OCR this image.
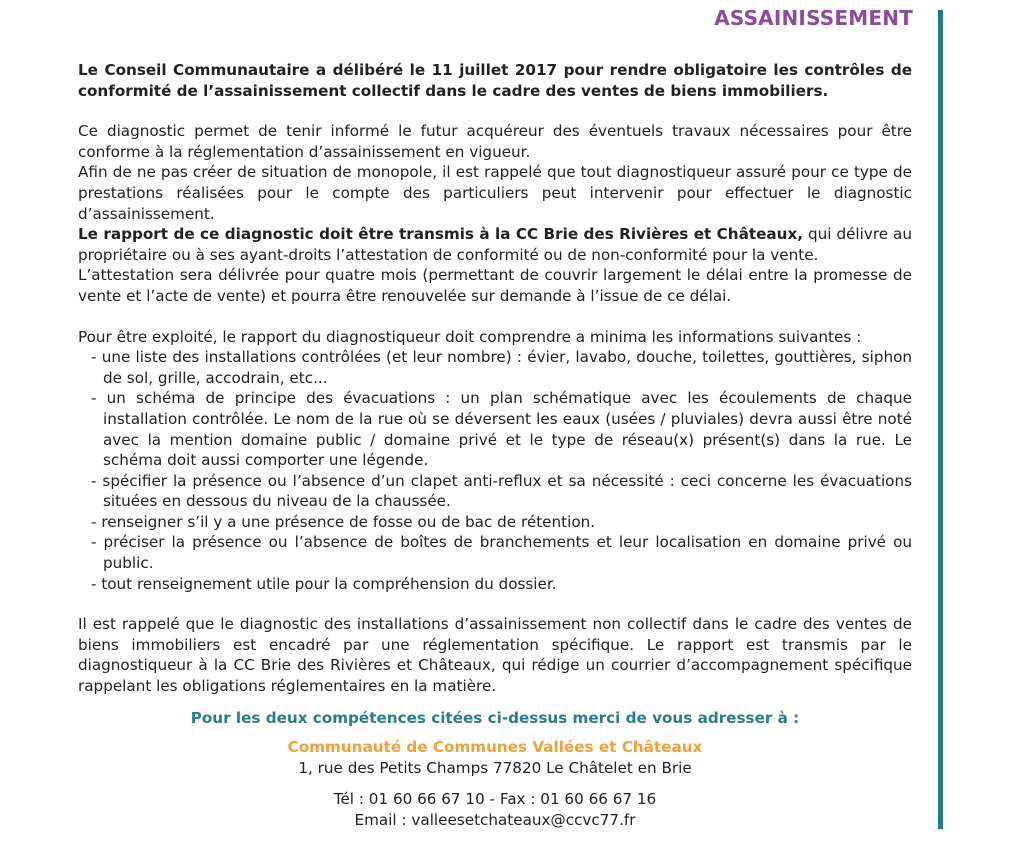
ASSAINISSEMENT

Le Conseil Communautaire a délibéré le 11 juillet 2017 pour rendre obligatoire les contrôles de conformité de l’assainissement collectif dans le cadre des ventes de biens immobiliers.

Ce diagnostic permet de tenir informé le futur acquéreur des éventuels travaux nécessaires pour être conforme à la réglementation d’assainissement en vigueur.

Afin de ne pas créer de situation de monopole, il est rappelé que tout diagnostiqueur assuré pour ce type de prestations réalisées pour le compte des particuliers peut intervenir pour effectuer le diagnostic d’assainissement.

Le rapport de ce diagnostic doit être transmis à la CC Brie des Rivières et Châteaux, qui délivre au propriétaire ou à ses ayant-droits l’attestation de conformité ou de non-conformité pour la vente.

L’attestation sera délivrée pour quatre mois (permettant de couvrir largement le délai entre la promesse de vente et l’acte de vente) et pourra être renouvelée sur demande à l’issue de ce délai.

Pour être exploité, le rapport du diagnostiqueur doit comprendre a minima les informations suivantes :

- une liste des installations contrôlées (et leur nombre) : évier, lavabo, douche, toilettes, gouttières, siphon de sol, grille, accodrain, etc...
- un schéma de principe des évacuations : un plan schématique avec les écoulements de chaque installation contrôlée. Le nom de la rue où se déversent les eaux (usées / pluviales) devra aussi être noté avec la mention domaine public / domaine privé et le type de réseau(x) présent(s) dans la rue. Le schéma doit aussi comporter une légende.
- spécifier la présence ou l’absence d’un clapet anti-reflux et sa nécessité : ceci concerne les évacuations situées en dessous du niveau de la chaussée.
- renseigner s’il y a une présence de fosse ou de bac de rétention.
- préciser la présence ou l’absence de boîtes de branchements et leur localisation en domaine privé ou public.
- tout renseignement utile pour la compréhension du dossier.

Il est rappelé que le diagnostic des installations d’assainissement non collectif dans le cadre des ventes de biens immobiliers est encadré par une réglementation spécifique. Le rapport est transmis par le diagnostiqueur à la CC Brie des Rivières et Châteaux, qui rédige un courrier d’accompagnement spécifique rappelant les obligations réglementaires en la matière.

Pour les deux compétences citées ci-dessus merci de vous adresser à :

Communauté de Communes Vallées et Châteaux

1, rue des Petits Champs 77820 Le Châtelet en Brie

Tél : 01 60 66 67 10 - Fax : 01 60 66 67 16

Email : valleesetchateaux@ccvc77.fr
